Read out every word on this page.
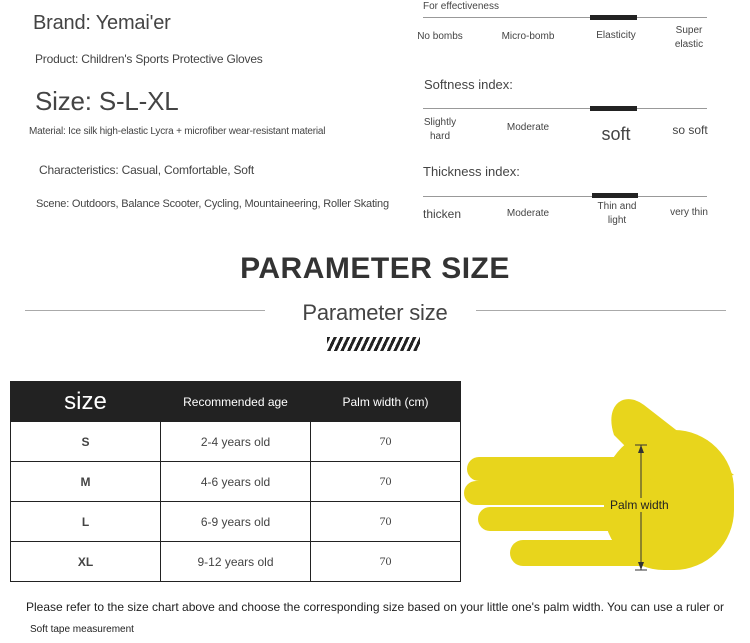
Brand: Yemai'er
Product: Children's Sports Protective Gloves
Size: S-L-XL
Material: Ice silk high-elastic Lycra + microfiber wear-resistant material
Characteristics: Casual, Comfortable, Soft
Scene: Outdoors, Balance Scooter, Cycling, Mountaineering, Roller Skating
For effectiveness
No bombs	Micro-bomb	Elasticity	Super elastic
Softness index:
Slightly hard
Moderate	soft	so soft
Thickness index:
thicken	Moderate
Thin and light
very thin
PARAMETER SIZE
Parameter size
size	Recommended age	Palm width (cm)
S	2-4 years old	70
M	4-6 years old	70
L	6-9 years old	70
XL	9-12 years old	70
Palm width
Please refer to the size chart above and choose the corresponding size based on your little one's palm width. You can use a ruler or
Soft tape measurement
